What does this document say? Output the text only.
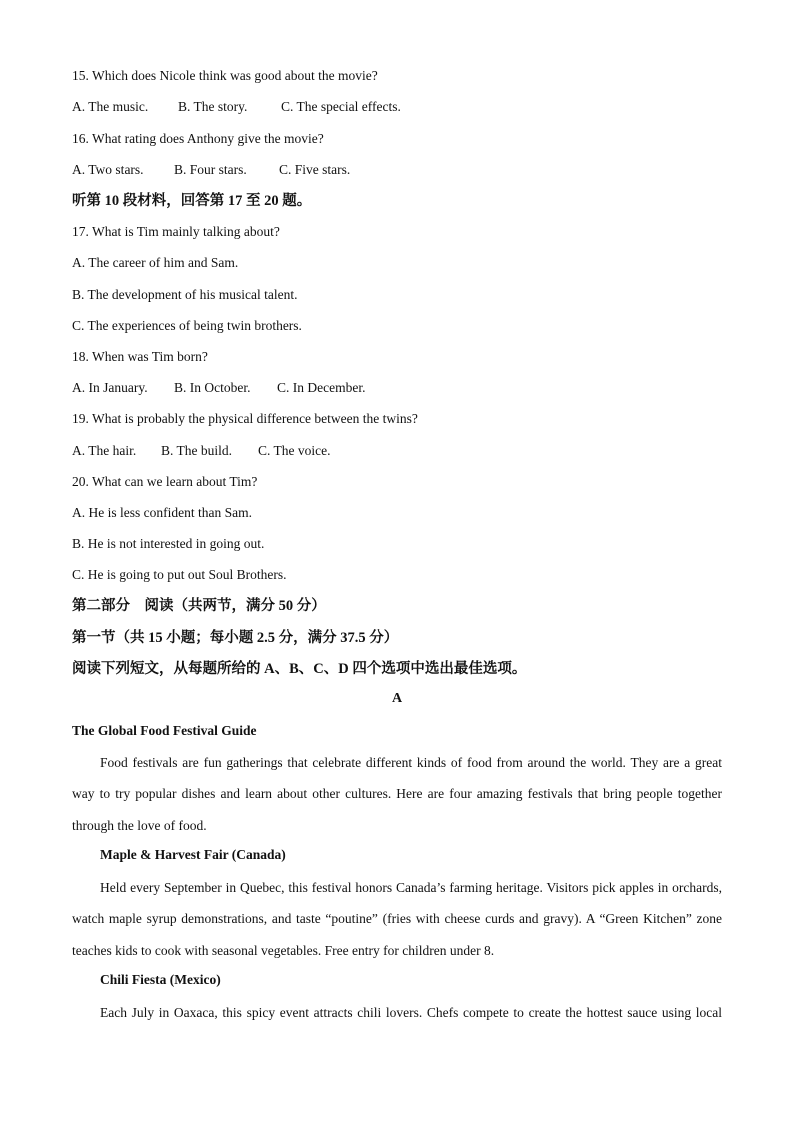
15. Which does Nicole think was good about the movie?
A. The music. B. The story. C. The special effects.
16. What rating does Anthony give the movie?
A. Two stars. B. Four stars. C. Five stars.
听第 10 段材料，回答第 17 至 20 题。
17. What is Tim mainly talking about?
A. The career of him and Sam.
B. The development of his musical talent.
C. The experiences of being twin brothers.
18. When was Tim born?
A. In January. B. In October. C. In December.
19. What is probably the physical difference between the twins?
A. The hair. B. The build. C. The voice.
20. What can we learn about Tim?
A. He is less confident than Sam.
B. He is not interested in going out.
C. He is going to put out Soul Brothers.
第二部分　阅读（共两节，满分 50 分）
第一节（共 15 小题；每小题 2.5 分，满分 37.5 分）
阅读下列短文，从每题所给的 A、B、C、D 四个选项中选出最佳选项。
A
The Global Food Festival Guide
Food festivals are fun gatherings that celebrate different kinds of food from around the world. They are a great way to try popular dishes and learn about other cultures. Here are four amazing festivals that bring people together through the love of food.
Maple & Harvest Fair (Canada)
Held every September in Quebec, this festival honors Canada’s farming heritage. Visitors pick apples in orchards, watch maple syrup demonstrations, and taste “poutine” (fries with cheese curds and gravy). A “Green Kitchen” zone teaches kids to cook with seasonal vegetables. Free entry for children under 8.
Chili Fiesta (Mexico)
Each July in Oaxaca, this spicy event attracts chili lovers. Chefs compete to create the hottest sauce using local
